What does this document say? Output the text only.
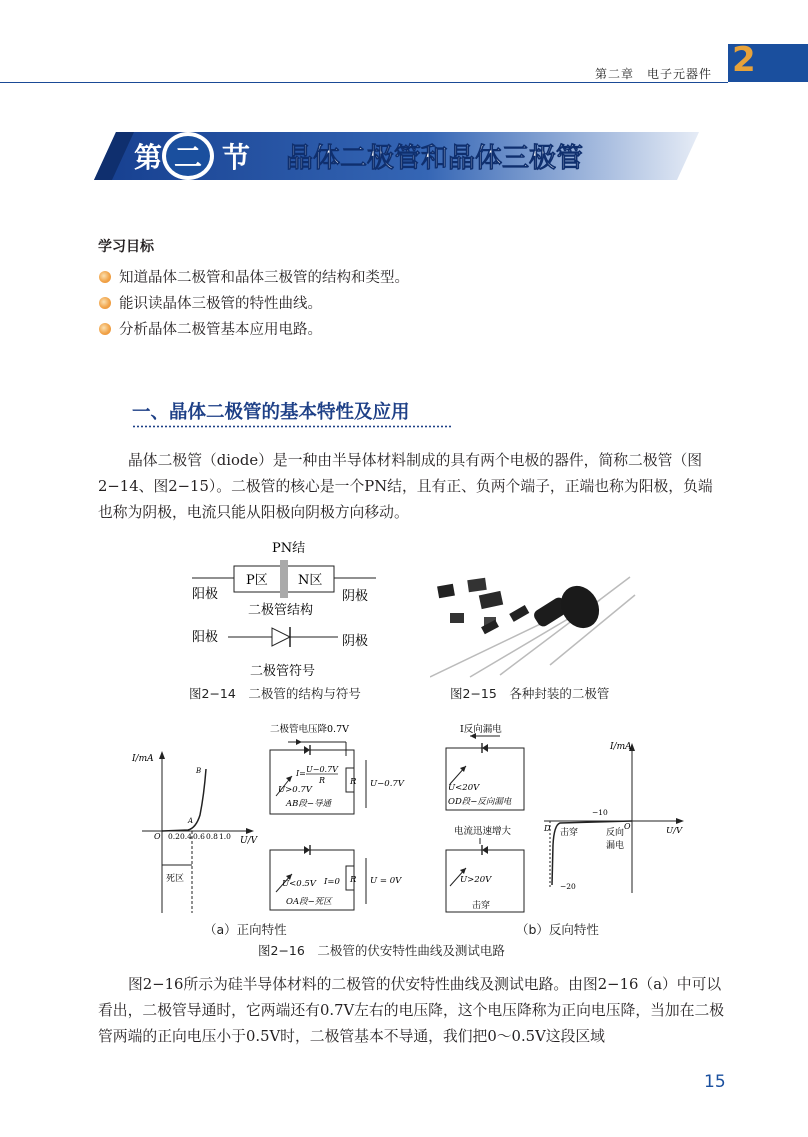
第二章　电子元器件 2
第 二 节 晶体二极管和晶体三极管
学习目标
知道晶体二极管和晶体三极管的结构和类型。
能识读晶体三极管的特性曲线。
分析晶体二极管基本应用电路。
一、晶体二极管的基本特性及应用
晶体二极管（diode）是一种由半导体材料制成的具有两个电极的器件，简称二极管（图2−14、图2−15）。二极管的核心是一个PN结，且有正、负两个端子，正端也称为阳极，负端也称为阴极，电流只能从阳极向阴极方向移动。
PN结
P区 N区
阳极	阴极
二极管结构
阳极	阴极
二极管符号
图2−14　二极管的结构与符号	图2−15　各种封装的二极管
I/mA
U/V
O 0.2 0.4 0.6 0.8 1.0
A
B
死区
二极管电压降0.7V
R U−0.7V
I= U−0.7V
R
U>0.7V
AB段−导通
R U = 0V
U<0.5V I=0
OA段−死区
I反向漏电
U<20V
OD段−反向漏电
电流迅速增大
U>20V
击穿
I/mA
U/V
O
D
−10
−20
击穿	反向
漏电
（a）正向特性	（b）反向特性
图2−16　二极管的伏安特性曲线及测试电路
图2−16所示为硅半导体材料的二极管的伏安特性曲线及测试电路。由图2−16（a）中可以看出，二极管导通时，它两端还有0.7V左右的电压降，这个电压降称为正向电压降，当加在二极管两端的正向电压小于0.5V时，二极管基本不导通，我们把0～0.5V这段区域
15
